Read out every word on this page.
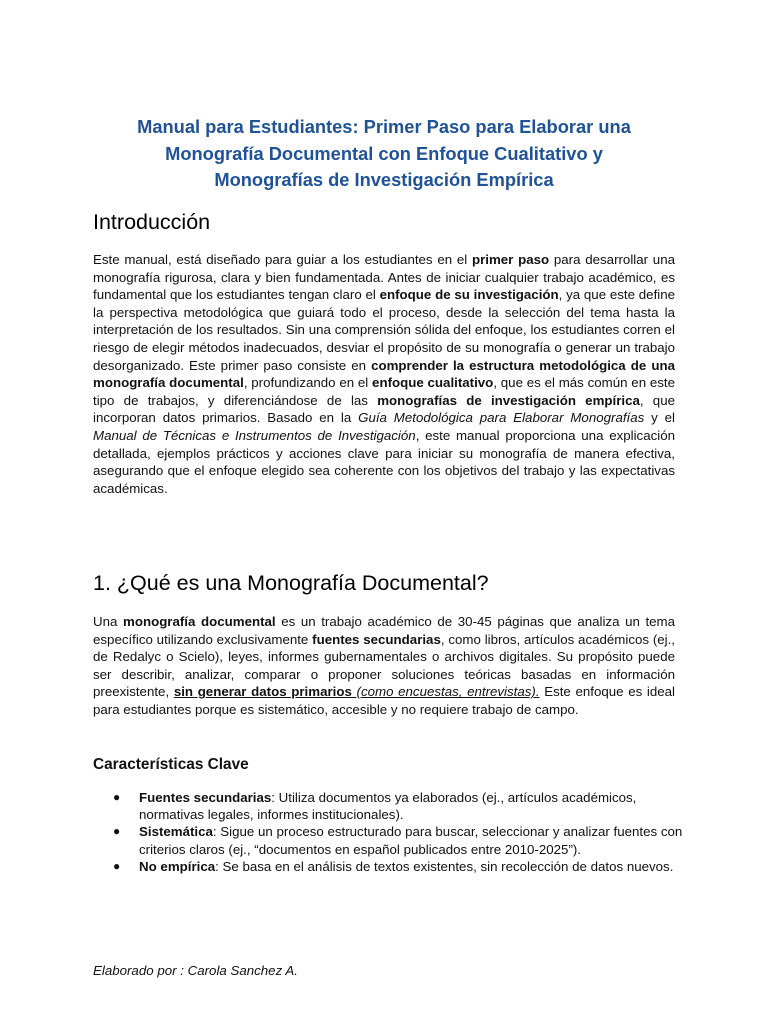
Manual para Estudiantes: Primer Paso para Elaborar una
Monografía Documental con Enfoque Cualitativo y
Monografías de Investigación Empírica
Introducción

Este manual, está diseñado para guiar a los estudiantes en el primer paso para desarrollar una monografía rigurosa, clara y bien fundamentada. Antes de iniciar cualquier trabajo académico, es fundamental que los estudiantes tengan claro el enfoque de su investigación, ya que este define la perspectiva metodológica que guiará todo el proceso, desde la selección del tema hasta la interpretación de los resultados. Sin una comprensión sólida del enfoque, los estudiantes corren el riesgo de elegir métodos inadecuados, desviar el propósito de su monografía o generar un trabajo desorganizado. Este primer paso consiste en comprender la estructura metodológica de una monografía documental, profundizando en el enfoque cualitativo, que es el más común en este tipo de trabajos, y diferenciándose de las monografías de investigación empírica, que incorporan datos primarios. Basado en la Guía Metodológica para Elaborar Monografías y el Manual de Técnicas e Instrumentos de Investigación, este manual proporciona una explicación detallada, ejemplos prácticos y acciones clave para iniciar su monografía de manera efectiva, asegurando que el enfoque elegido sea coherente con los objetivos del trabajo y las expectativas académicas.

1. ¿Qué es una Monografía Documental?

Una monografía documental es un trabajo académico de 30-45 páginas que analiza un tema específico utilizando exclusivamente fuentes secundarias, como libros, artículos académicos (ej., de Redalyc o Scielo), leyes, informes gubernamentales o archivos digitales. Su propósito puede ser describir, analizar, comparar o proponer soluciones teóricas basadas en información preexistente, sin generar datos primarios (como encuestas, entrevistas). Este enfoque es ideal para estudiantes porque es sistemático, accesible y no requiere trabajo de campo.

Características Clave
● Fuentes secundarias: Utiliza documentos ya elaborados (ej., artículos académicos, normativas legales, informes institucionales).
● Sistemática: Sigue un proceso estructurado para buscar, seleccionar y analizar fuentes con criterios claros (ej., “documentos en español publicados entre 2010-2025”).
● No empírica: Se basa en el análisis de textos existentes, sin recolección de datos nuevos.

Elaborado por : Carola Sanchez A.
